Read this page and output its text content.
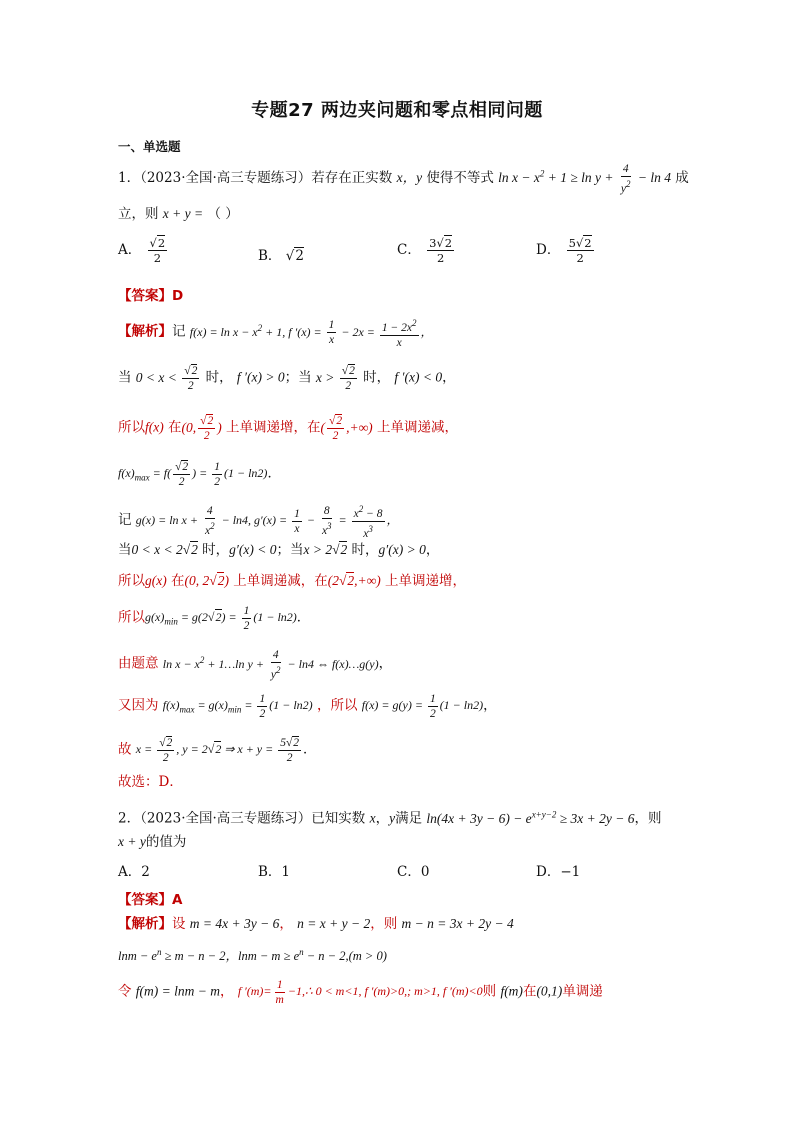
专题27 两边夹问题和零点相同问题
一、单选题
1．（2023·全国·高三专题练习）若存在正实数 x，y 使得不等式 $\ln x - x^2 + 1 \ge \ln y + \frac{4}{y^2} - \ln 4$ 成
立，则 x + y = （ ）
A． $\frac{√2}{2}$	B． √2	C． $\frac{3√2}{2}$	D． $\frac{5√2}{2}$
【答案】D
【解析】记 $f(x) = \ln x - x^2 + 1$, f $'(x) = \frac{1}{x} - 2x = \frac{1 - 2x^2}{x}$ ，
当 $0 < x < \frac{√2}{2}$ 时， f ′(x) > 0；当 $x > \frac{√2}{2}$ 时， f ′(x) < 0，
所以f(x) 在(0, $\frac{√2}{2}$ ) 上单调递增，在( $\frac{√2}{2}$ ,+∞) 上单调递减，
$f(x)_{max} = f( \frac{√2}{2}$ ) = $\frac{1}{2} (1 - \ln 2)$．
记 $g(x) = \ln x + \frac{4}{x^2} - \ln 4$, $g'(x) = \frac{1}{x} - \frac{8}{x^3} = \frac{x^2 - 8}{x^3}$ ，
当0 < x < 2√2 时，g′(x) < 0；当x > 2√2 时，g′(x) > 0，
所以g(x) 在(0, 2√2) 上单调递减，在(2√2,+∞) 上单调递增，
所以$g(x)_{min} = g(2√2) = \frac{1}{2} (1 - \ln 2)$．
由题意 $\ln x - x^2$ + 1…ln $y + \frac{4}{y^2} - \ln 4$ ⇔ f(x)…g(y)，
又因为 $f(x)_{max} = g(x)_{min} = \frac{1}{2} (1 - \ln 2)$ ，所以 $f(x) = g(y) = \frac{1}{2} (1 - \ln 2)$，
故 $x = \frac{√2}{2}$ , y = 2√2 ⇒ $x + y = \frac{5√2}{2}$ ．
故选：D．
2．（2023·全国·高三专题练习）已知实数 x，y满足 $\ln(4x + 3y - 6) - e^{x+y-2} \ge 3x + 2y - 6$，则
x + y的值为
A．2	B．1	C．0	D．−1
【答案】A
【解析】设 m = 4x + 3y − 6， n = x + y − 2，则 m − n = 3x + 2y − 4
$\ln m - e^n \ge m - n - 2$，$\ln m - m \ge e^n - n - 2,(m > 0)$
令 f(m) = lnm − m， f $'(m)= \frac{1}{m}$ −1,∴ 0 < m<1, f ′(m)>0,; m>1, f ′(m)<0则 f(m)在(0,1)单调递
